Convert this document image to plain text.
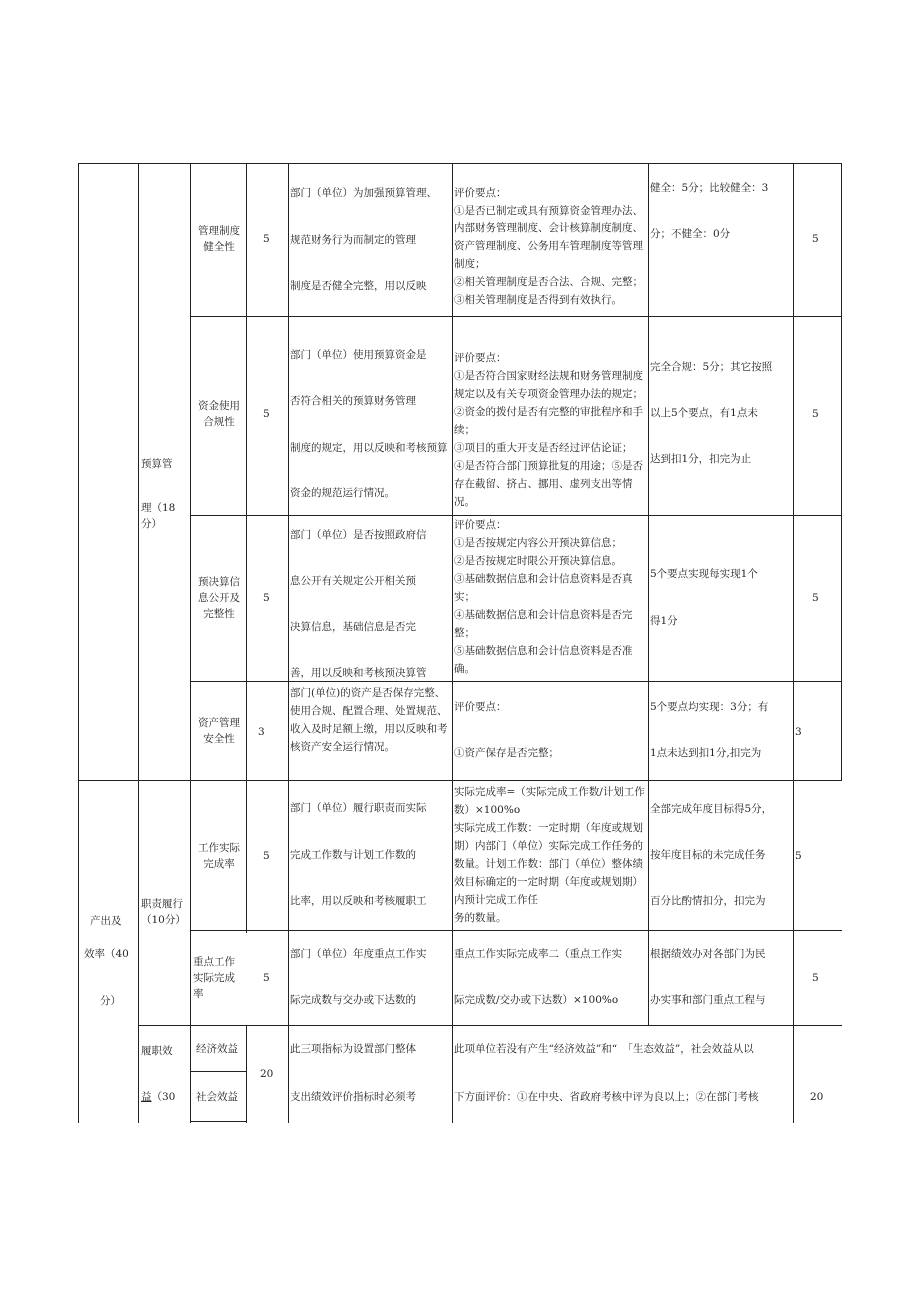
产出及
效率（40
分）
预算管
理（18分）
职责履行（10分）
履职效
益（30
管理制度健全性
5
部门（单位）为加强预算管理、
规范财务行为而制定的管理
制度是否健全完整，用以反映
评价要点：
①是否已制定或具有预算资金管理办法、
内部财务管理制度、会计核算制度制度、
资产管理制度、公务用车管理制度等管理
制度；
②相关管理制度是否合法、合规、完整；
③相关管理制度是否得到有效执行。
健全：5分；比较健全：3
分；不健全：0分	5
资金使用合规性
5
部门（单位）使用预算资金是
否符合相关的预算财务管理
制度的规定，用以反映和考核预算
资金的规范运行情况。
评价要点：
①是否符合国家财经法规和财务管理制度
规定以及有关专项资金管理办法的规定；
②资金的拨付是否有完整的审批程序和手
续；
③项目的重大开支是否经过评估论证；
④是否符合部门预算批复的用途；⑤是否
存在截留、挤占、挪用、虚列支出等情
况。
完全合规：5分；其它按照
以上5个要点，有1点未
达到扣1分，扣完为止
5
预决算信息公开及完整性
5
部门（单位）是否按照政府信
息公开有关规定公开相关预
决算信息，基础信息是否完
善，用以反映和考核预决算管
评价要点：
①是否按规定内容公开预决算信息；
②是否按规定时限公开预决算信息。
③基础数据信息和会计信息资料是否真
实；
④基础数据信息和会计信息资料是否完
整；
⑤基础数据信息和会计信息资料是否准
确。
5个要点实现每实现1个
得1分
5
资产管理安全性
3
部门(单位)的资产是否保存完整、
使用合规、配置合理、处置规范、
收入及时足额上缴，用以反映和考
核资产安全运行情况。
评价要点：
①资产保存是否完整；
5个要点均实现：3分；有
1点未达到扣1分,扣完为
3
工作实际完成率
5
部门（单位）履行职责而实际
完成工作数与计划工作数的
比率，用以反映和考核履职工
实际完成率=（实际完成工作数/计划工作
数）×100%o
实际完成工作数：一定时期（年度或规划
期）内部门（单位）实际完成工作任务的
数量。计划工作数：部门（单位）整体绩
效目标确定的一定时期（年度或规划期）
内预计完成工作任
务的数量。
全部完成年度目标得5分，
按年度目标的未完成任务
百分比酌情扣分，扣完为
5
重点工作实际完成率
5
部门（单位）年度重点工作实
际完成数与交办或下达数的
重点工作实际完成率二（重点工作实
际完成数/交办或下达数）×100%o
根据绩效办对各部门为民
办实事和部门重点工程与
5
经济效益
社会效益
20
此三项指标为设置部门整体
支出绩效评价指标时必须考
此项单位若没有产生“经济效益”和“　「生态效益”，社会效益从以
下方面评价：①在中央、省政府考核中评为良以上；②在部门考核	20
